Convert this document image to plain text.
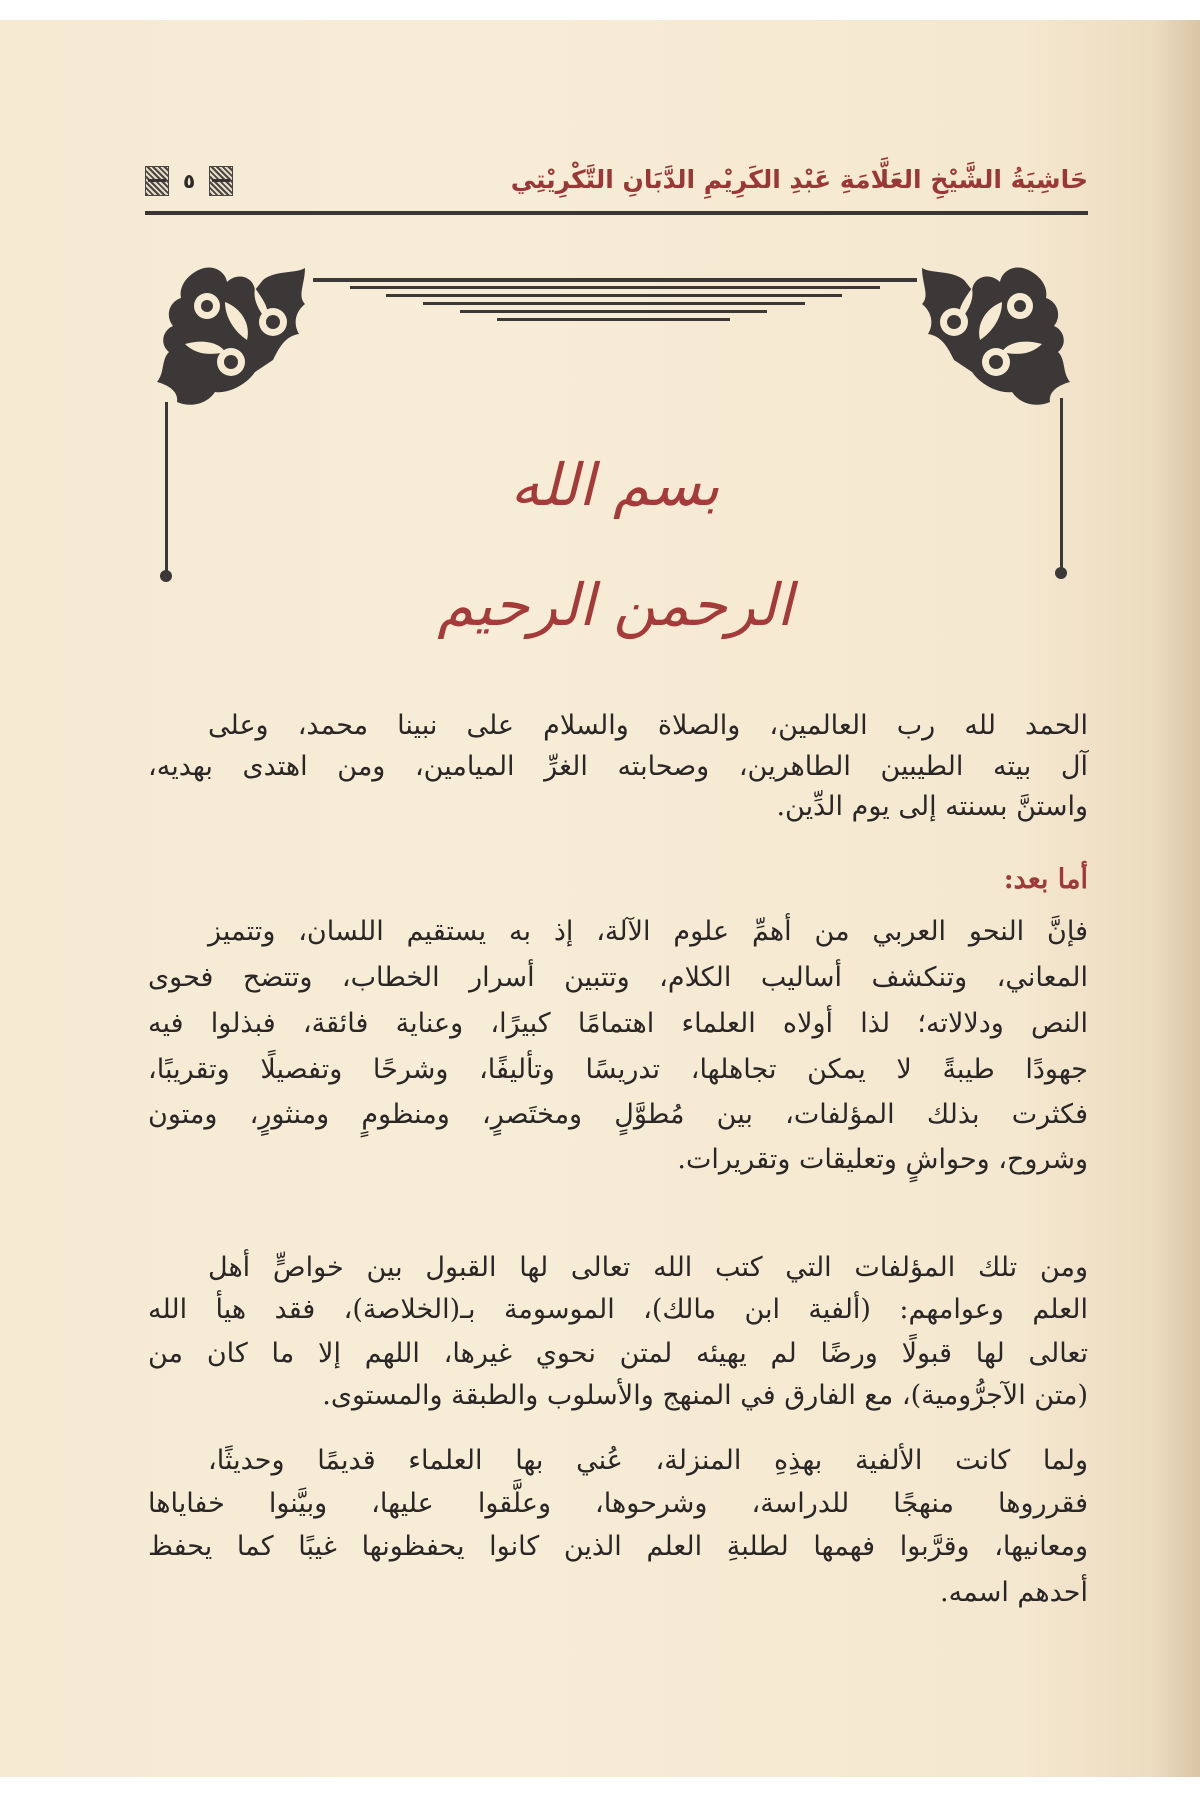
حَاشِيَةُ الشَّيْخِ العَلَّامَةِ عَبْدِ الكَرِيْمِ الدَّبَانِ التَّكْرِيْتِي
٥
بسم الله الرحمن الرحيم
الحمد لله رب العالمين، والصلاة والسلام على نبينا محمد، وعلى
آل بيته الطيبين الطاهرين، وصحابته الغرِّ الميامين، ومن اهتدى بهديه،
واستنَّ بسنته إلى يوم الدِّين.
فإنَّ النحو العربي من أهمِّ علوم الآلة، إذ به يستقيم اللسان، وتتميز
المعاني، وتنكشف أساليب الكلام، وتتبين أسرار الخطاب، وتتضح فحوى
النص ودلالاته؛ لذا أولاه العلماء اهتمامًا كبيرًا، وعناية فائقة، فبذلوا فيه
جهودًا طيبةً لا يمكن تجاهلها، تدريسًا وتأليفًا، وشرحًا وتفصيلًا وتقريبًا،
فكثرت بذلك المؤلفات، بين مُطوَّلٍ ومختَصرٍ، ومنظومٍ ومنثورٍ، ومتون
وشروح، وحواشٍ وتعليقات وتقريرات.
ومن تلك المؤلفات التي كتب الله تعالى لها القبول بين خواصٍّ أهل
العلم وعوامهم: (ألفية ابن مالك)، الموسومة بـ(الخلاصة)، فقد هيأ الله
تعالى لها قبولًا ورضًا لم يهيئه لمتن نحوي غيرها، اللهم إلا ما كان من
(متن الآجرُّومية)، مع الفارق في المنهج والأسلوب والطبقة والمستوى.
ولما كانت الألفية بهذِهِ المنزلة، عُني بها العلماء قديمًا وحديثًا،
فقرروها منهجًا للدراسة، وشرحوها، وعلَّقوا عليها، وبيَّنوا خفاياها
ومعانيها، وقرَّبوا فهمها لطلبةِ العلم الذين كانوا يحفظونها غيبًا كما يحفظ
أحدهم اسمه.
أما بعد:
